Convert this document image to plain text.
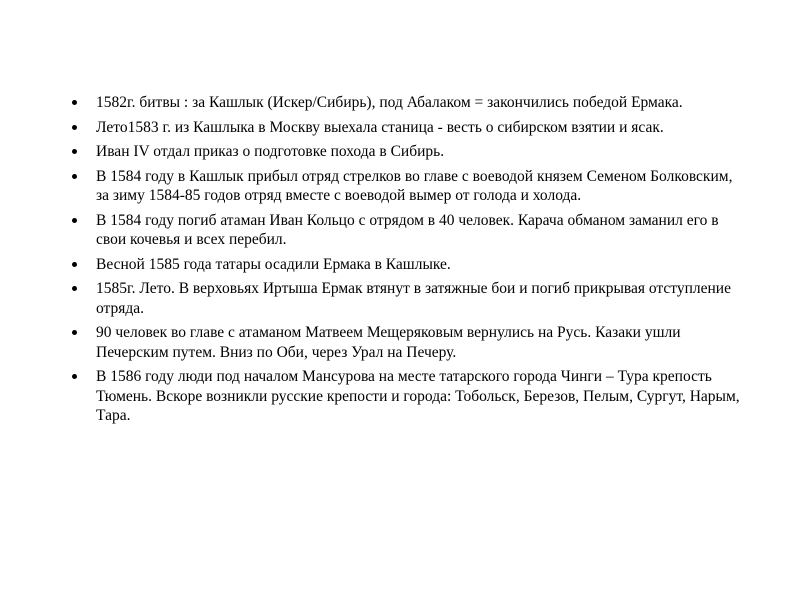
1582г. битвы : за Кашлык (Искер/Сибирь), под Абалаком = закончились победой Ермака.
Лето1583 г. из Кашлыка в Москву выехала станица - весть о сибирском взятии и ясак.
Иван IV отдал приказ о подготовке похода в Сибирь.
В 1584 году в Кашлык прибыл отряд стрелков во главе с воеводой князем Семеном Болковским, за зиму 1584-85 годов отряд вместе с воеводой вымер от голода и холода.
В 1584 году погиб атаман Иван Кольцо с отрядом в 40 человек. Карача обманом заманил его в свои кочевья и всех перебил.
Весной 1585 года татары осадили Ермака в Кашлыке.
1585г. Лето. В верховьях Иртыша Ермак втянут в затяжные бои и погиб прикрывая отступление отряда.
90 человек во главе с атаманом Матвеем Мещеряковым вернулись на Русь. Казаки ушли Печерским путем. Вниз по Оби, через Урал на Печеру.
В 1586 году люди под началом Мансурова на месте татарского города Чинги – Тура крепость Тюмень. Вскоре возникли русские крепости и города: Тобольск, Березов, Пелым, Сургут, Нарым, Тара.
